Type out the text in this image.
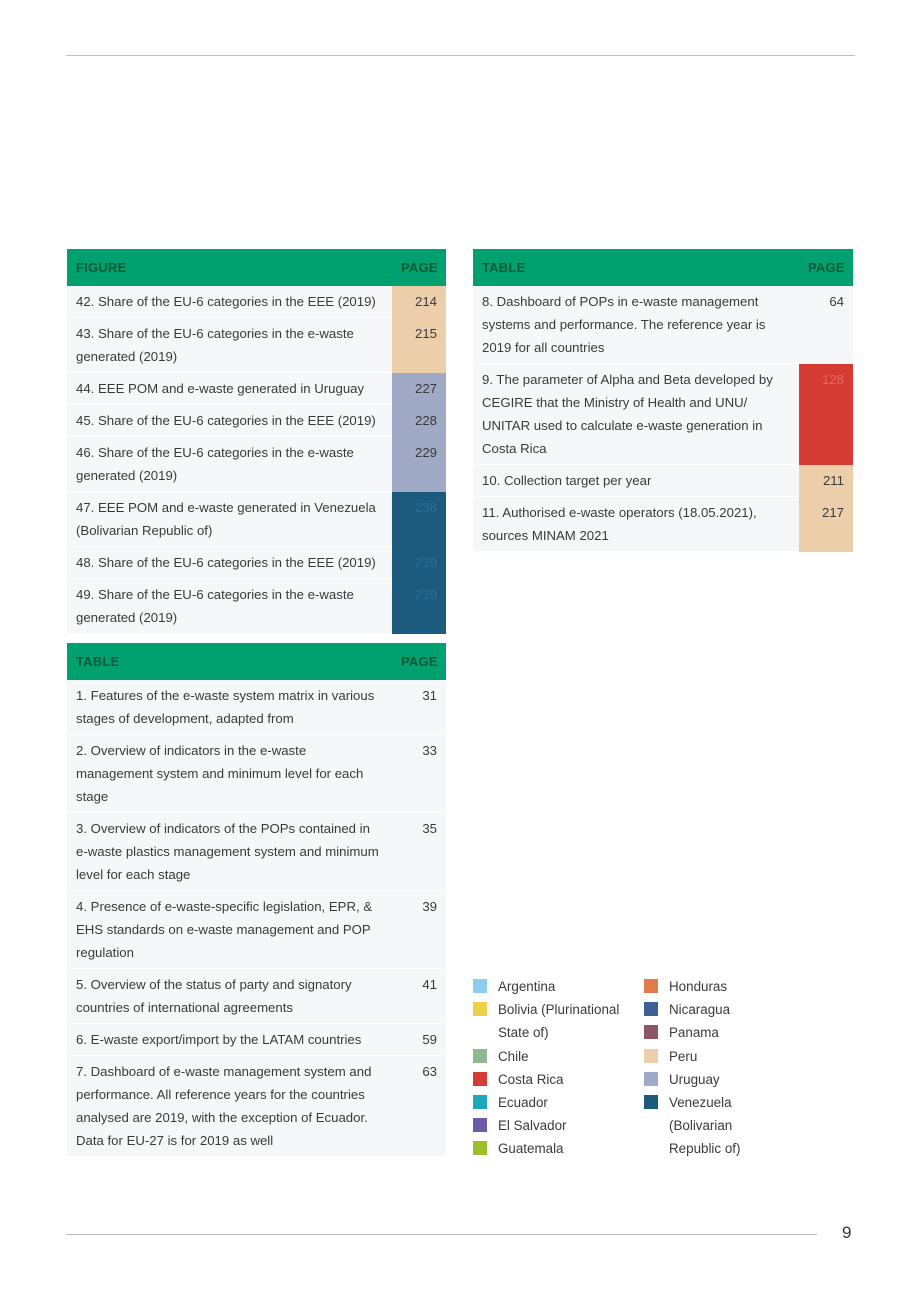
FIGURE	PAGE
42. Share of the EU-6 categories in the EEE (2019)	214
43. Share of the EU-6 categories in the e-waste generated (2019)	215
44. EEE POM and e-waste generated in Uruguay	227
45. Share of the EU-6 categories in the EEE (2019)	228
46. Share of the EU-6 categories in the e-waste generated (2019)	229
47. EEE POM and e-waste generated in Venezuela (Bolivarian Republic of)	238
48. Share of the EU-6 categories in the EEE (2019)	239
49. Share of the EU-6 categories in the e-waste generated (2019)	239
TABLE	PAGE
1. Features of the e-waste system matrix in various stages of development, adapted from	31
2. Overview of indicators in the e-waste management system and minimum level for each stage	33
3. Overview of indicators of the POPs contained in e-waste plastics management system and minimum level for each stage	35
4. Presence of e-waste-specific legislation, EPR, & EHS standards on e-waste management and POP regulation	39
5. Overview of the status of party and signatory countries of international agreements	41
6. E-waste export/import by the LATAM countries	59
7. Dashboard of e-waste management system and performance. All reference years for the countries analysed are 2019, with the exception of Ecuador. Data for EU-27 is for 2019 as well	63
TABLE	PAGE
8. Dashboard of POPs in e-waste management systems and performance. The reference year is 2019 for all countries	64
9. The parameter of Alpha and Beta developed by CEGIRE that the Ministry of Health and UNU/ UNITAR used to calculate e-waste generation in Costa Rica	128
10. Collection target per year	211
11. Authorised e-waste operators (18.05.2021), sources MINAM 2021	217
Argentina
Bolivia (Plurinational State of)
Chile
Costa Rica
Ecuador
El Salvador
Guatemala
Honduras
Nicaragua
Panama
Peru
Uruguay
Venezuela (Bolivarian Republic of)
9
